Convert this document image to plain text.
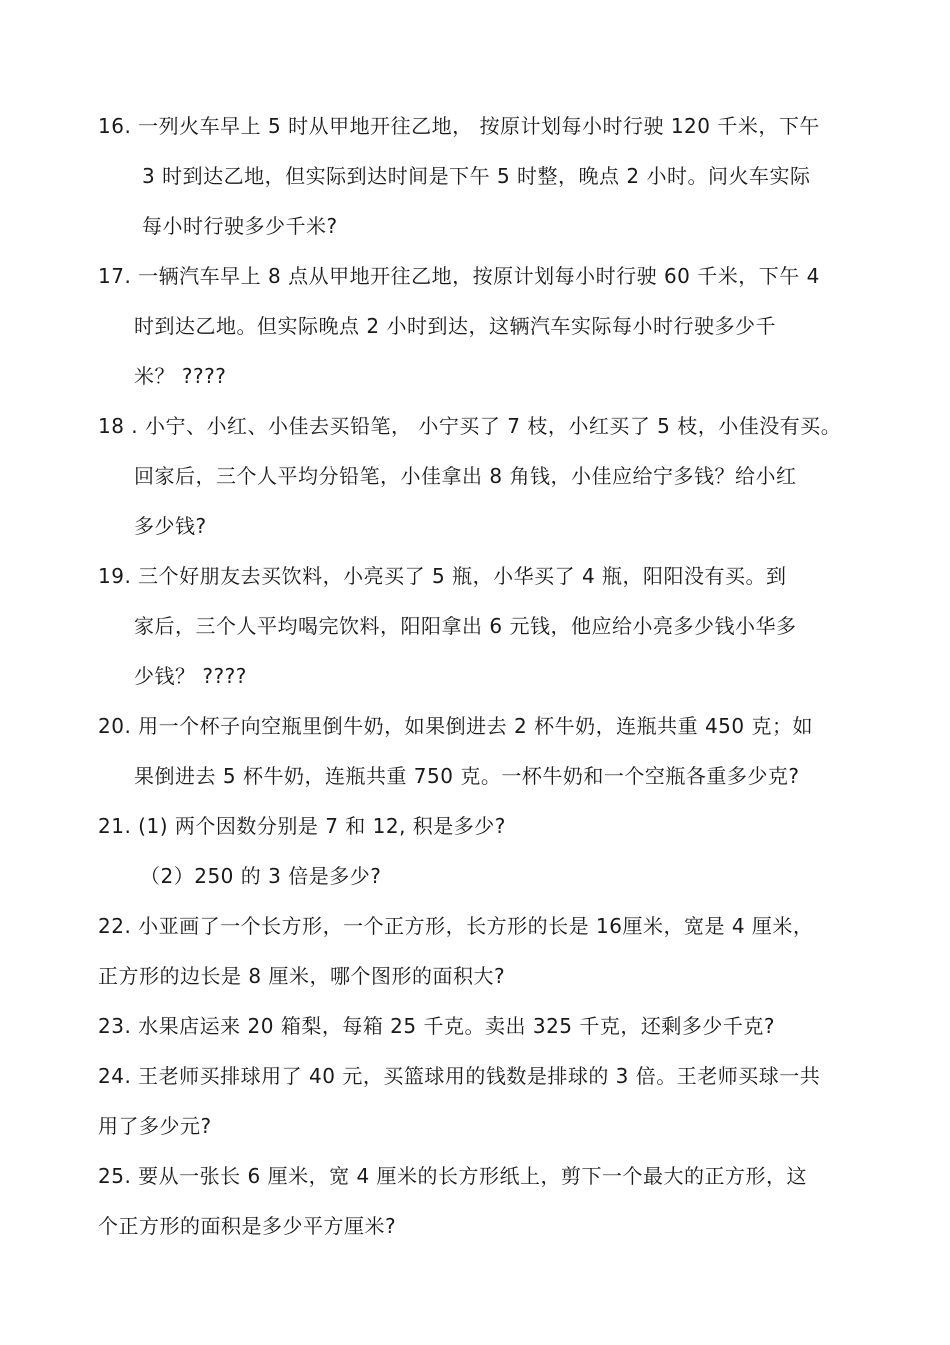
16. 一列火车早上 5 时从甲地开往乙地， 按原计划每小时行驶 120 千米，下午
3 时到达乙地，但实际到达时间是下午 5 时整，晚点 2 小时。问火车实际
每小时行驶多少千米?
17. 一辆汽车早上 8 点从甲地开往乙地，按原计划每小时行驶 60 千米，下午 4
时到达乙地。但实际晚点 2 小时到达，这辆汽车实际每小时行驶多少千
米？ ????
18 . 小宁、小红、小佳去买铅笔， 小宁买了 7 枝，小红买了 5 枝，小佳没有买。
回家后，三个人平均分铅笔，小佳拿出 8 角钱，小佳应给宁多钱？给小红
多少钱?
19. 三个好朋友去买饮料，小亮买了 5 瓶，小华买了 4 瓶，阳阳没有买。到
家后，三个人平均喝完饮料，阳阳拿出 6 元钱，他应给小亮多少钱小华多
少钱？ ????
20. 用一个杯子向空瓶里倒牛奶，如果倒进去 2 杯牛奶，连瓶共重 450 克；如
果倒进去 5 杯牛奶，连瓶共重 750 克。一杯牛奶和一个空瓶各重多少克?
21. (1) 两个因数分别是 7 和 12, 积是多少?
（2）250 的 3 倍是多少?
22. 小亚画了一个长方形，一个正方形，长方形的长是 16厘米，宽是 4 厘米，
正方形的边长是 8 厘米，哪个图形的面积大?
23. 水果店运来 20 箱梨，每箱 25 千克。卖出 325 千克，还剩多少千克?
24. 王老师买排球用了 40 元，买篮球用的钱数是排球的 3 倍。王老师买球一共
用了多少元?
25. 要从一张长 6 厘米，宽 4 厘米的长方形纸上，剪下一个最大的正方形，这
个正方形的面积是多少平方厘米?
